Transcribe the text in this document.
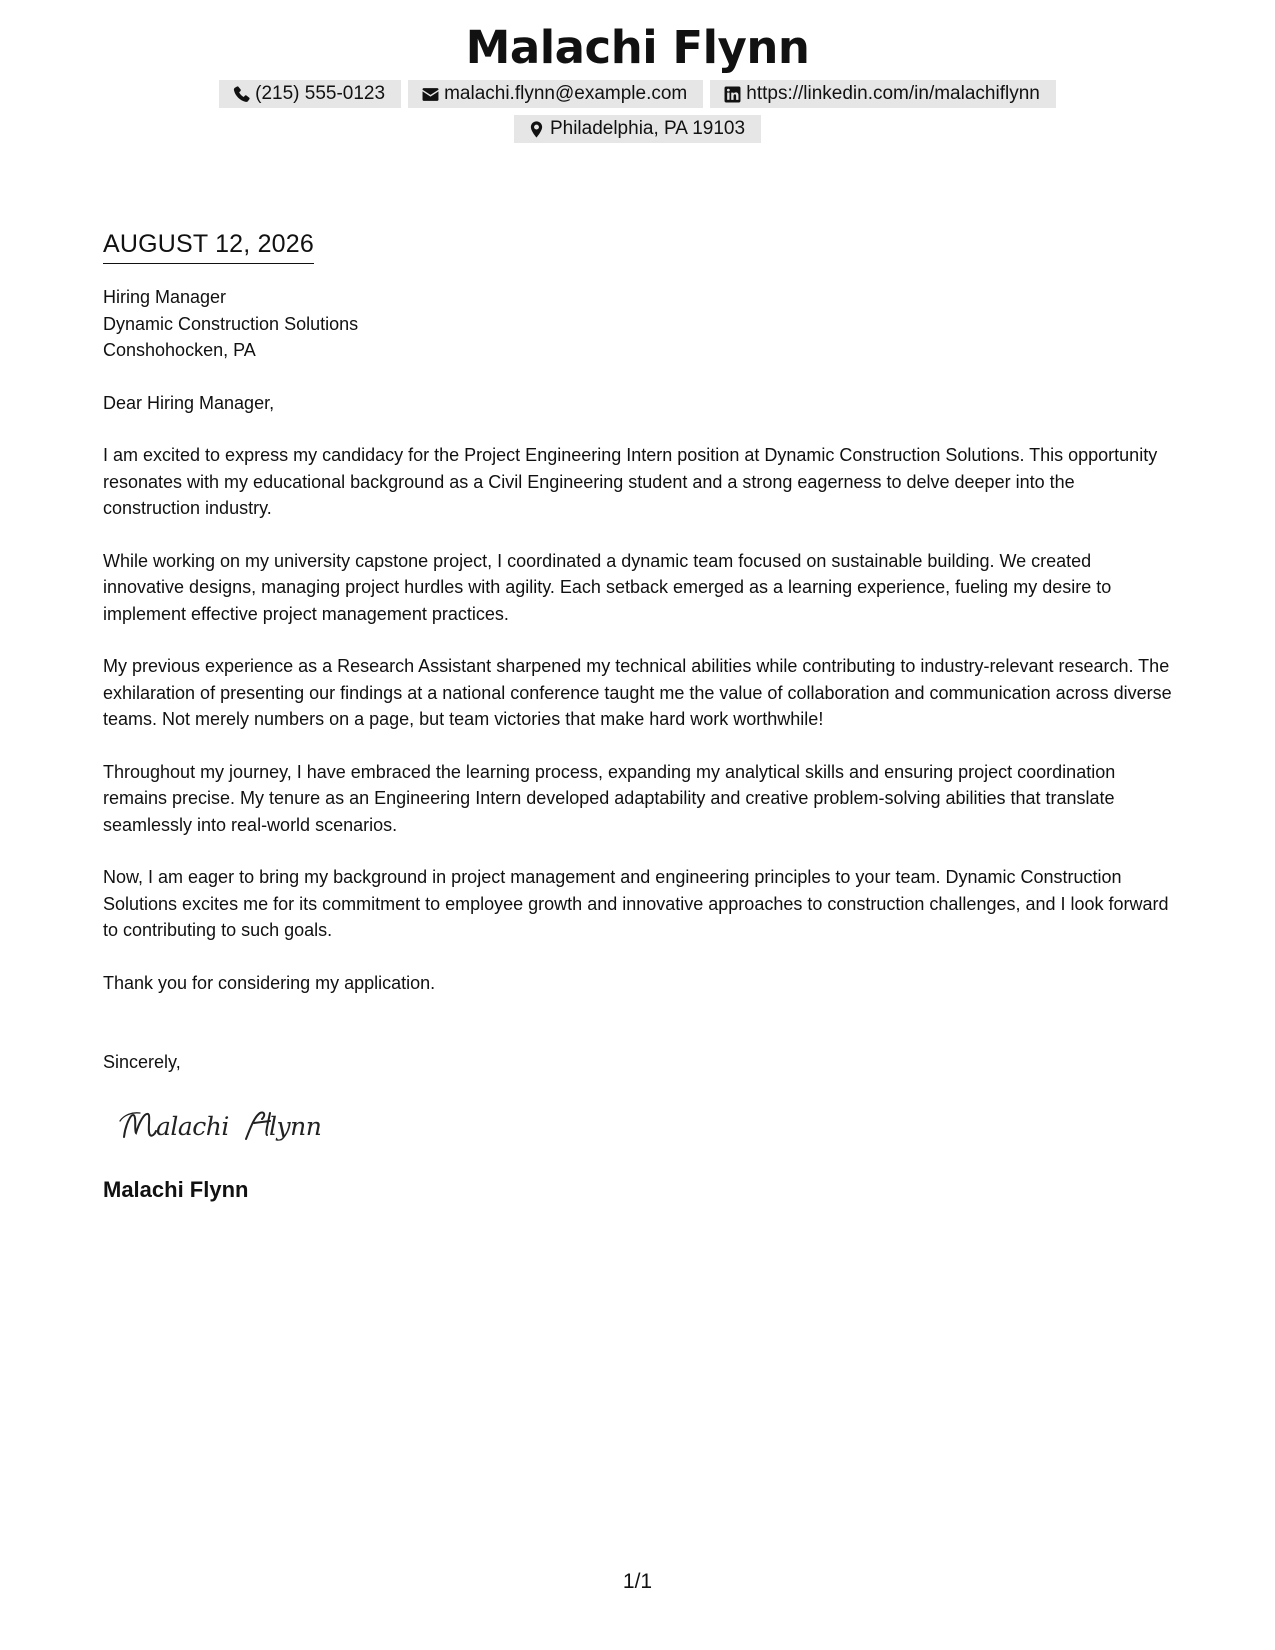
Malachi Flynn
(215) 555-0123	malachi.flynn@example.com	https://linkedin.com/in/malachiflynn
Philadelphia, PA 19103
AUGUST 12, 2026
Hiring Manager
Dynamic Construction Solutions
Conshohocken, PA
Dear Hiring Manager,

I am excited to express my candidacy for the Project Engineering Intern position at Dynamic Construction Solutions. This opportunity resonates with my educational background as a Civil Engineering student and a strong eagerness to delve deeper into the construction industry.

While working on my university capstone project, I coordinated a dynamic team focused on sustainable building. We created innovative designs, managing project hurdles with agility. Each setback emerged as a learning experience, fueling my desire to implement effective project management practices.

My previous experience as a Research Assistant sharpened my technical abilities while contributing to industry-relevant research. The exhilaration of presenting our findings at a national conference taught me the value of collaboration and communication across diverse teams. Not merely numbers on a page, but team victories that make hard work worthwhile!

Throughout my journey, I have embraced the learning process, expanding my analytical skills and ensuring project coordination remains precise. My tenure as an Engineering Intern developed adaptability and creative problem-solving abilities that translate seamlessly into real-world scenarios.

Now, I am eager to bring my background in project management and engineering principles to your team. Dynamic Construction Solutions excites me for its commitment to employee growth and innovative approaches to construction challenges, and I look forward to contributing to such goals.

Thank you for considering my application.

Sincerely,
alachi lynn
Malachi Flynn
1/1
